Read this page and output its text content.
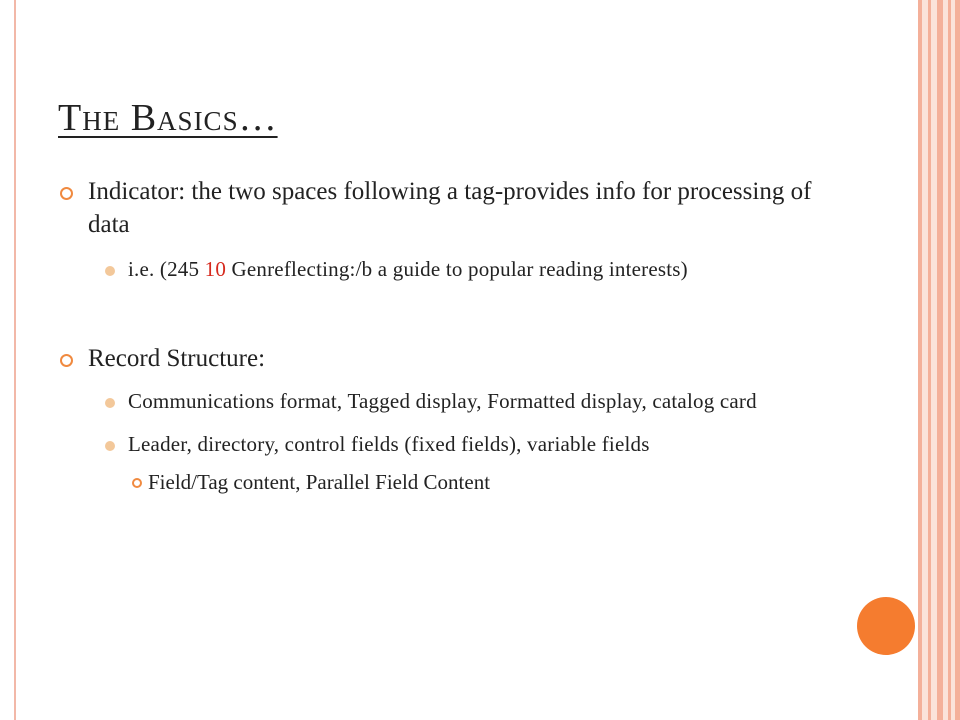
The Basics…

Indicator: the two spaces following a tag-provides info for processing of data

i.e. (245 10 Genreflecting:/b a guide to popular reading interests)

Record Structure:

Communications format, Tagged display, Formatted display, catalog card

Leader, directory, control fields (fixed fields), variable fields

Field/Tag content, Parallel Field Content
